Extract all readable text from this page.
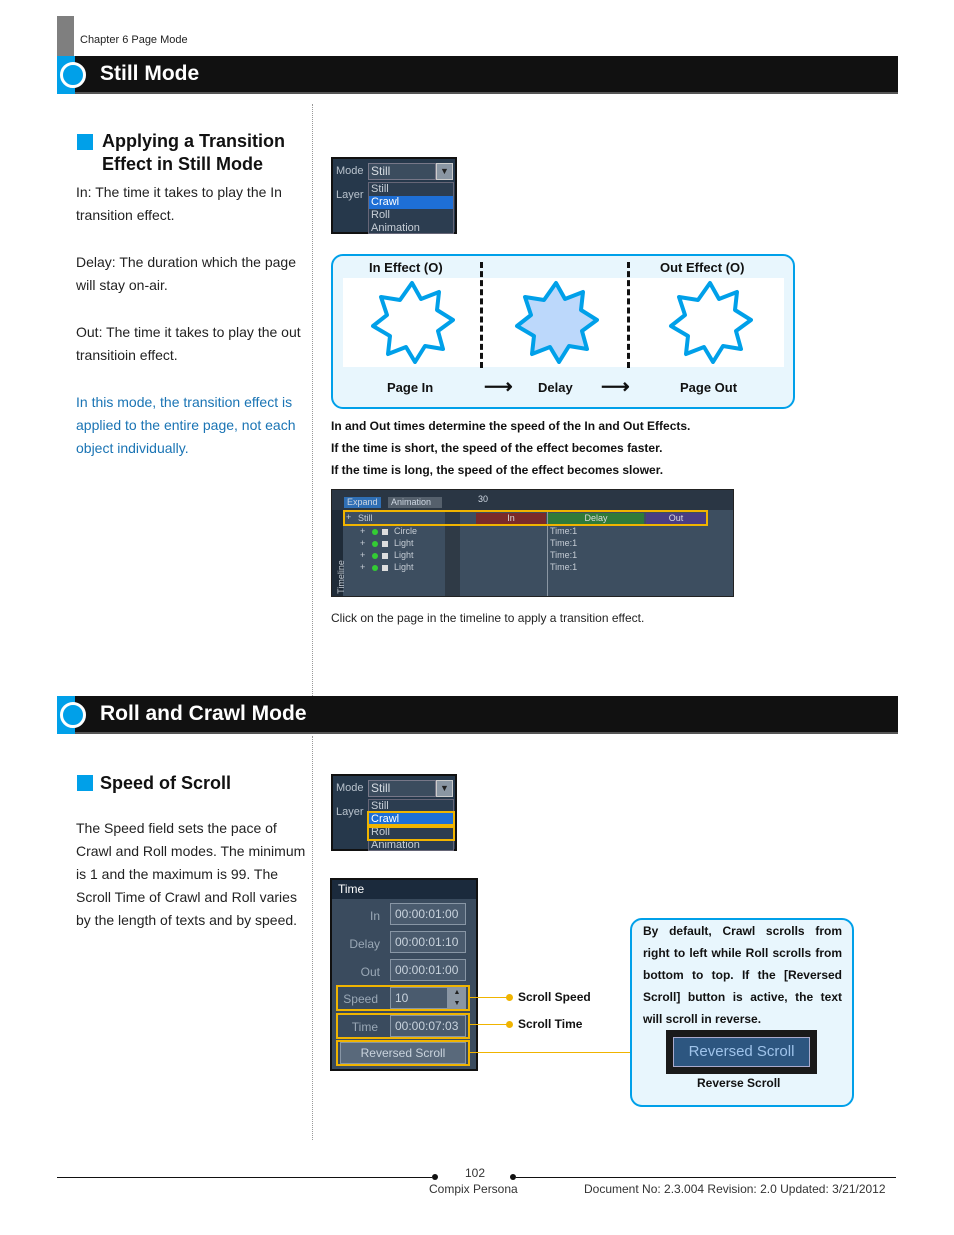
Chapter 6 Page Mode
Still Mode
Applying a Transition
Effect in Still Mode
In: The time it takes to play the In
transition effect.
Delay: The duration which the page
will stay on-air.
Out: The time it takes to play the out
transitioin effect.
In this mode, the transition effect is
applied to the entire page, not each
object individually.
Mode Still	▼
Layer Still
Crawl
Roll
Animation
In Effect (O)	Out Effect (O)
Page In	⟶ Delay ⟶	Page Out
In and Out times determine the speed of the In and Out Effects.
If the time is short, the speed of the effect becomes faster.
If the time is long, the speed of the effect becomes slower.
Expand	Animation	30
Timeline
+ Still	In	Delay	Out
+	Circle	Time:1
+	Light	Time:1
+	Light	Time:1
+	Light	Time:1
Click on the page in the timeline to apply a transition effect.
Roll and Crawl Mode
Speed of Scroll
The Speed field sets the pace of
Crawl and Roll modes. The minimum
is 1 and the maximum is 99. The
Scroll Time of Crawl and Roll varies
by the length of texts and by speed.
Mode Still	▼
Layer Still
Crawl
Roll
Animation
Time
In	00:00:01:00
Delay	00:00:01:10
Out	00:00:01:00
Speed	10	▲
▼
Time	00:00:07:03
Reversed Scroll
Scroll Speed
Scroll Time
By default, Crawl scrolls from right to left while Roll scrolls from bottom to top. If the [Reversed Scroll] button is active, the text will scroll in reverse.
Reversed Scroll
Reverse Scroll
102
Compix Persona	Document No: 2.3.004 Revision: 2.0 Updated: 3/21/2012
